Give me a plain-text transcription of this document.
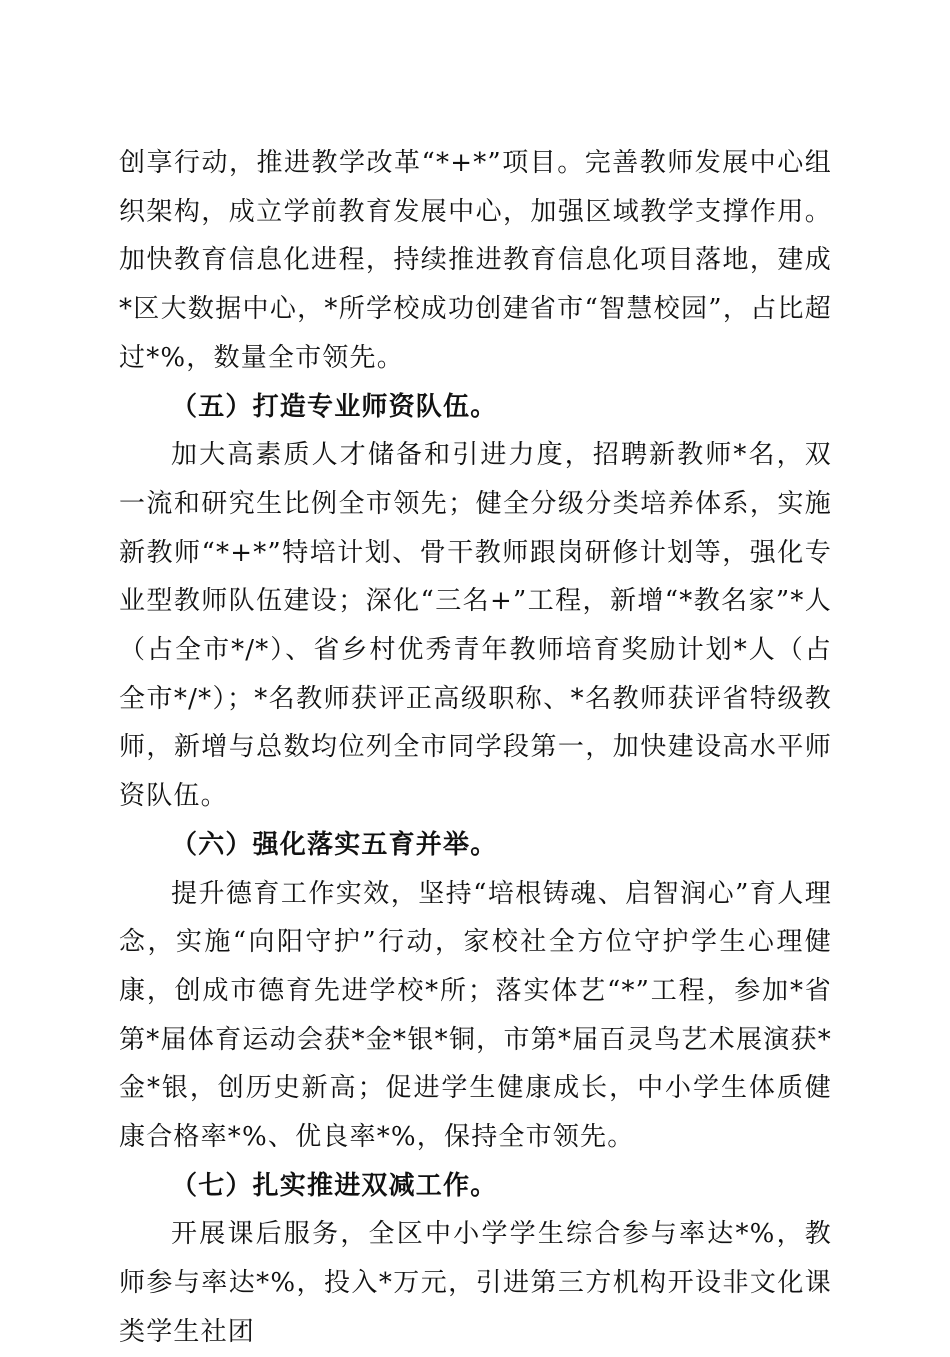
创享行动，推进教学改革“*+*”项目。完善教师发展中心组织架构，成立学前教育发展中心，加强区域教学支撑作用。加快教育信息化进程，持续推进教育信息化项目落地，建成*区大数据中心，*所学校成功创建省市“智慧校园”，占比超过*%，数量全市领先。

（五）打造专业师资队伍。

加大高素质人才储备和引进力度，招聘新教师*名，双一流和研究生比例全市领先；健全分级分类培养体系，实施新教师“*+*”特培计划、骨干教师跟岗研修计划等，强化专业型教师队伍建设；深化“三名+”工程，新增“*教名家”*人（占全市*/*）、省乡村优秀青年教师培育奖励计划*人（占全市*/*）；*名教师获评正高级职称、*名教师获评省特级教师，新增与总数均位列全市同学段第一，加快建设高水平师资队伍。

（六）强化落实五育并举。

提升德育工作实效，坚持“培根铸魂、启智润心”育人理念，实施“向阳守护”行动，家校社全方位守护学生心理健康，创成市德育先进学校*所；落实体艺“*”工程，参加*省第*届体育运动会获*金*银*铜，市第*届百灵鸟艺术展演获*金*银，创历史新高；促进学生健康成长，中小学生体质健康合格率*%、优良率*%，保持全市领先。

（七）扎实推进双减工作。

开展课后服务，全区中小学学生综合参与率达*%，教师参与率达*%，投入*万元，引进第三方机构开设非文化课类学生社团
